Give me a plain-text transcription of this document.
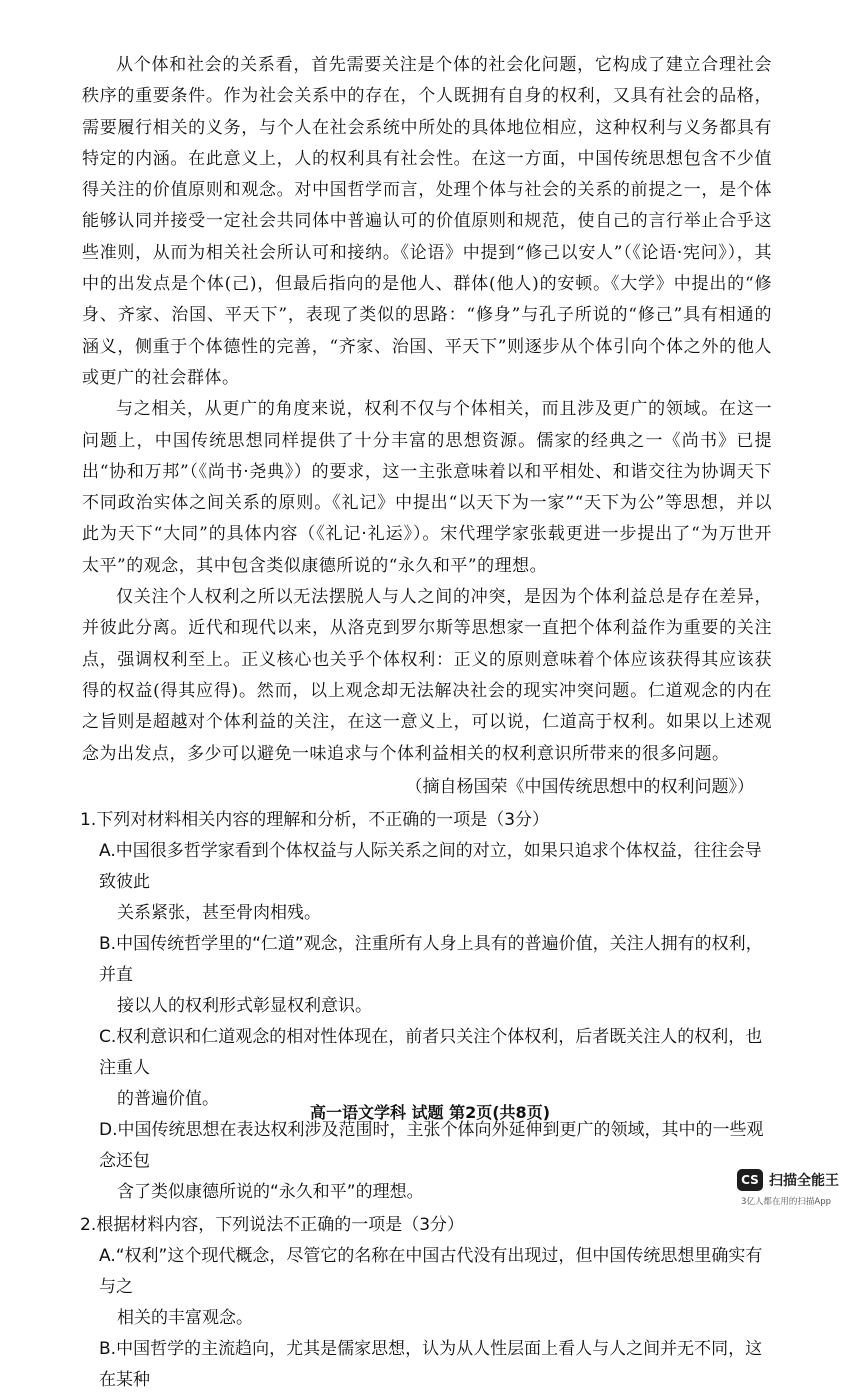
从个体和社会的关系看，首先需要关注是个体的社会化问题，它构成了建立合理社会秩序的重要条件。作为社会关系中的存在，个人既拥有自身的权利，又具有社会的品格，需要履行相关的义务，与个人在社会系统中所处的具体地位相应，这种权利与义务都具有特定的内涵。在此意义上，人的权利具有社会性。在这一方面，中国传统思想包含不少值得关注的价值原则和观念。对中国哲学而言，处理个体与社会的关系的前提之一，是个体能够认同并接受一定社会共同体中普遍认可的价值原则和规范，使自己的言行举止合乎这些准则，从而为相关社会所认可和接纳。《论语》中提到“修己以安人”（《论语·宪问》），其中的出发点是个体(己)，但最后指向的是他人、群体(他人)的安顿。《大学》中提出的“修身、齐家、治国、平天下”，表现了类似的思路：“修身”与孔子所说的“修己”具有相通的涵义，侧重于个体德性的完善，“齐家、治国、平天下”则逐步从个体引向个体之外的他人或更广的社会群体。

与之相关，从更广的角度来说，权利不仅与个体相关，而且涉及更广的领域。在这一问题上，中国传统思想同样提供了十分丰富的思想资源。儒家的经典之一《尚书》已提出“协和万邦”（《尚书·尧典》）的要求，这一主张意味着以和平相处、和谐交往为协调天下不同政治实体之间关系的原则。《礼记》中提出“以天下为一家”“天下为公”等思想，并以此为天下“大同”的具体内容（《礼记·礼运》）。宋代理学家张载更进一步提出了“为万世开太平”的观念，其中包含类似康德所说的“永久和平”的理想。

仅关注个人权利之所以无法摆脱人与人之间的冲突，是因为个体利益总是存在差异，并彼此分离。近代和现代以来，从洛克到罗尔斯等思想家一直把个体利益作为重要的关注点，强调权利至上。正义核心也关乎个体权利：正义的原则意味着个体应该获得其应该获得的权益(得其应得)。然而，以上观念却无法解决社会的现实冲突问题。仁道观念的内在之旨则是超越对个体利益的关注，在这一意义上，可以说，仁道高于权利。如果以上述观念为出发点，多少可以避免一味追求与个体利益相关的权利意识所带来的很多问题。

（摘自杨国荣《中国传统思想中的权利问题》）
1.下列对材料相关内容的理解和分析，不正确的一项是（3分）
A.中国很多哲学家看到个体权益与人际关系之间的对立，如果只追求个体权益，往往会导致彼此
关系紧张，甚至骨肉相残。
B.中国传统哲学里的“仁道”观念，注重所有人身上具有的普遍价值，关注人拥有的权利，并直
接以人的权利形式彰显权利意识。
C.权利意识和仁道观念的相对性体现在，前者只关注个体权利，后者既关注人的权利，也注重人
的普遍价值。
D.中国传统思想在表达权利涉及范围时，主张个体向外延伸到更广的领域，其中的一些观念还包
含了类似康德所说的“永久和平”的理想。
2.根据材料内容，下列说法不正确的一项是（3分）
A.“权利”这个现代概念，尽管它的名称在中国古代没有出现过，但中国传统思想里确实有与之
相关的丰富观念。
B.中国哲学的主流趋向，尤其是儒家思想，认为从人性层面上看人与人之间并无不同，这在某种
高一语文学科 试题 第2页(共8页)
CS 扫描全能王
3亿人都在用的扫描App
